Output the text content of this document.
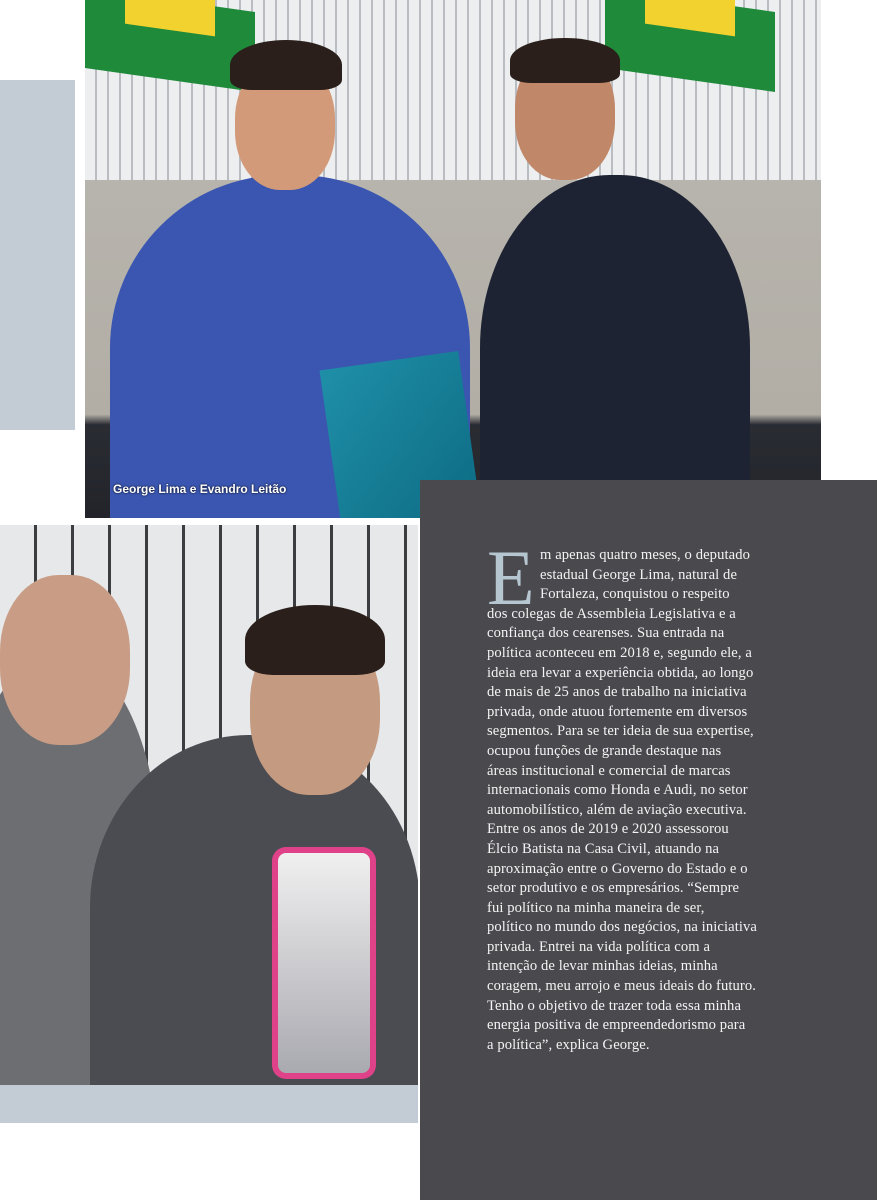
George Lima e Evandro Leitão
E m apenas quatro meses, o deputado
estadual George Lima, natural de
Fortaleza, conquistou o respeito
dos colegas de Assembleia Legislativa e a
confiança dos cearenses. Sua entrada na
política aconteceu em 2018 e, segundo ele, a
ideia era levar a experiência obtida, ao longo
de mais de 25 anos de trabalho na iniciativa
privada, onde atuou fortemente em diversos
segmentos. Para se ter ideia de sua expertise,
ocupou funções de grande destaque nas
áreas institucional e comercial de marcas
internacionais como Honda e Audi, no setor
automobilístico, além de aviação executiva.
Entre os anos de 2019 e 2020 assessorou
Élcio Batista na Casa Civil, atuando na
aproximação entre o Governo do Estado e o
setor produtivo e os empresários. “Sempre
fui político na minha maneira de ser,
político no mundo dos negócios, na iniciativa
privada. Entrei na vida política com a
intenção de levar minhas ideias, minha
coragem, meu arrojo e meus ideais do futuro.
Tenho o objetivo de trazer toda essa minha
energia positiva de empreendedorismo para
a política”, explica George.
